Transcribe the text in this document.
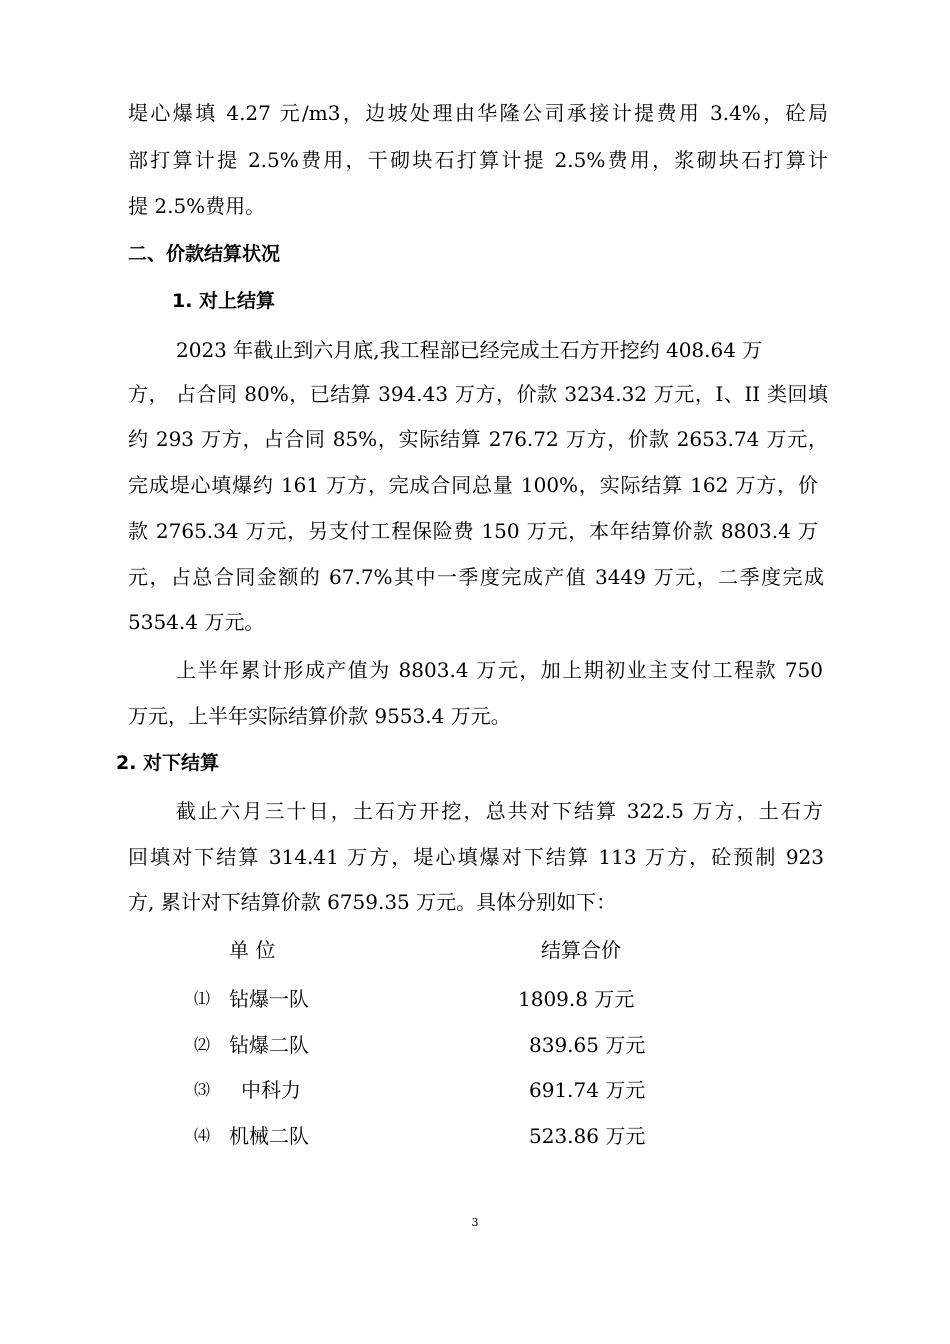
堤心爆填 4.27 元/m3，边坡处理由华隆公司承接计提费用 3.4%，砼局
部打算计提 2.5%费用，干砌块石打算计提 2.5%费用，浆砌块石打算计
提 2.5%费用。
二、价款结算状况
1. 对上结算
2023 年截止到六月底,我工程部已经完成土石方开挖约 408.64 万
方， 占合同 80%，已结算 394.43 万方，价款 3234.32 万元，I、II 类回填
约 293 万方，占合同 85%，实际结算 276.72 万方，价款 2653.74 万元，
完成堤心填爆约 161 万方，完成合同总量 100%，实际结算 162 万方，价
款 2765.34 万元，另支付工程保险费 150 万元，本年结算价款 8803.4 万
元，占总合同金额的 67.7%其中一季度完成产值 3449 万元，二季度完成
5354.4 万元。
上半年累计形成产值为 8803.4 万元，加上期初业主支付工程款 750
万元，上半年实际结算价款 9553.4 万元。
2. 对下结算
截止六月三十日，土石方开挖，总共对下结算 322.5 万方，土石方
回填对下结算 314.41 万方，堤心填爆对下结算 113 万方，砼预制 923
方, 累计对下结算价款 6759.35 万元。具体分别如下：
单 位	结算合价
⑴ 钻爆一队	1809.8 万元
⑵ 钻爆二队	839.65 万元
⑶ 中科力	691.74 万元
⑷ 机械二队	523.86 万元
3
